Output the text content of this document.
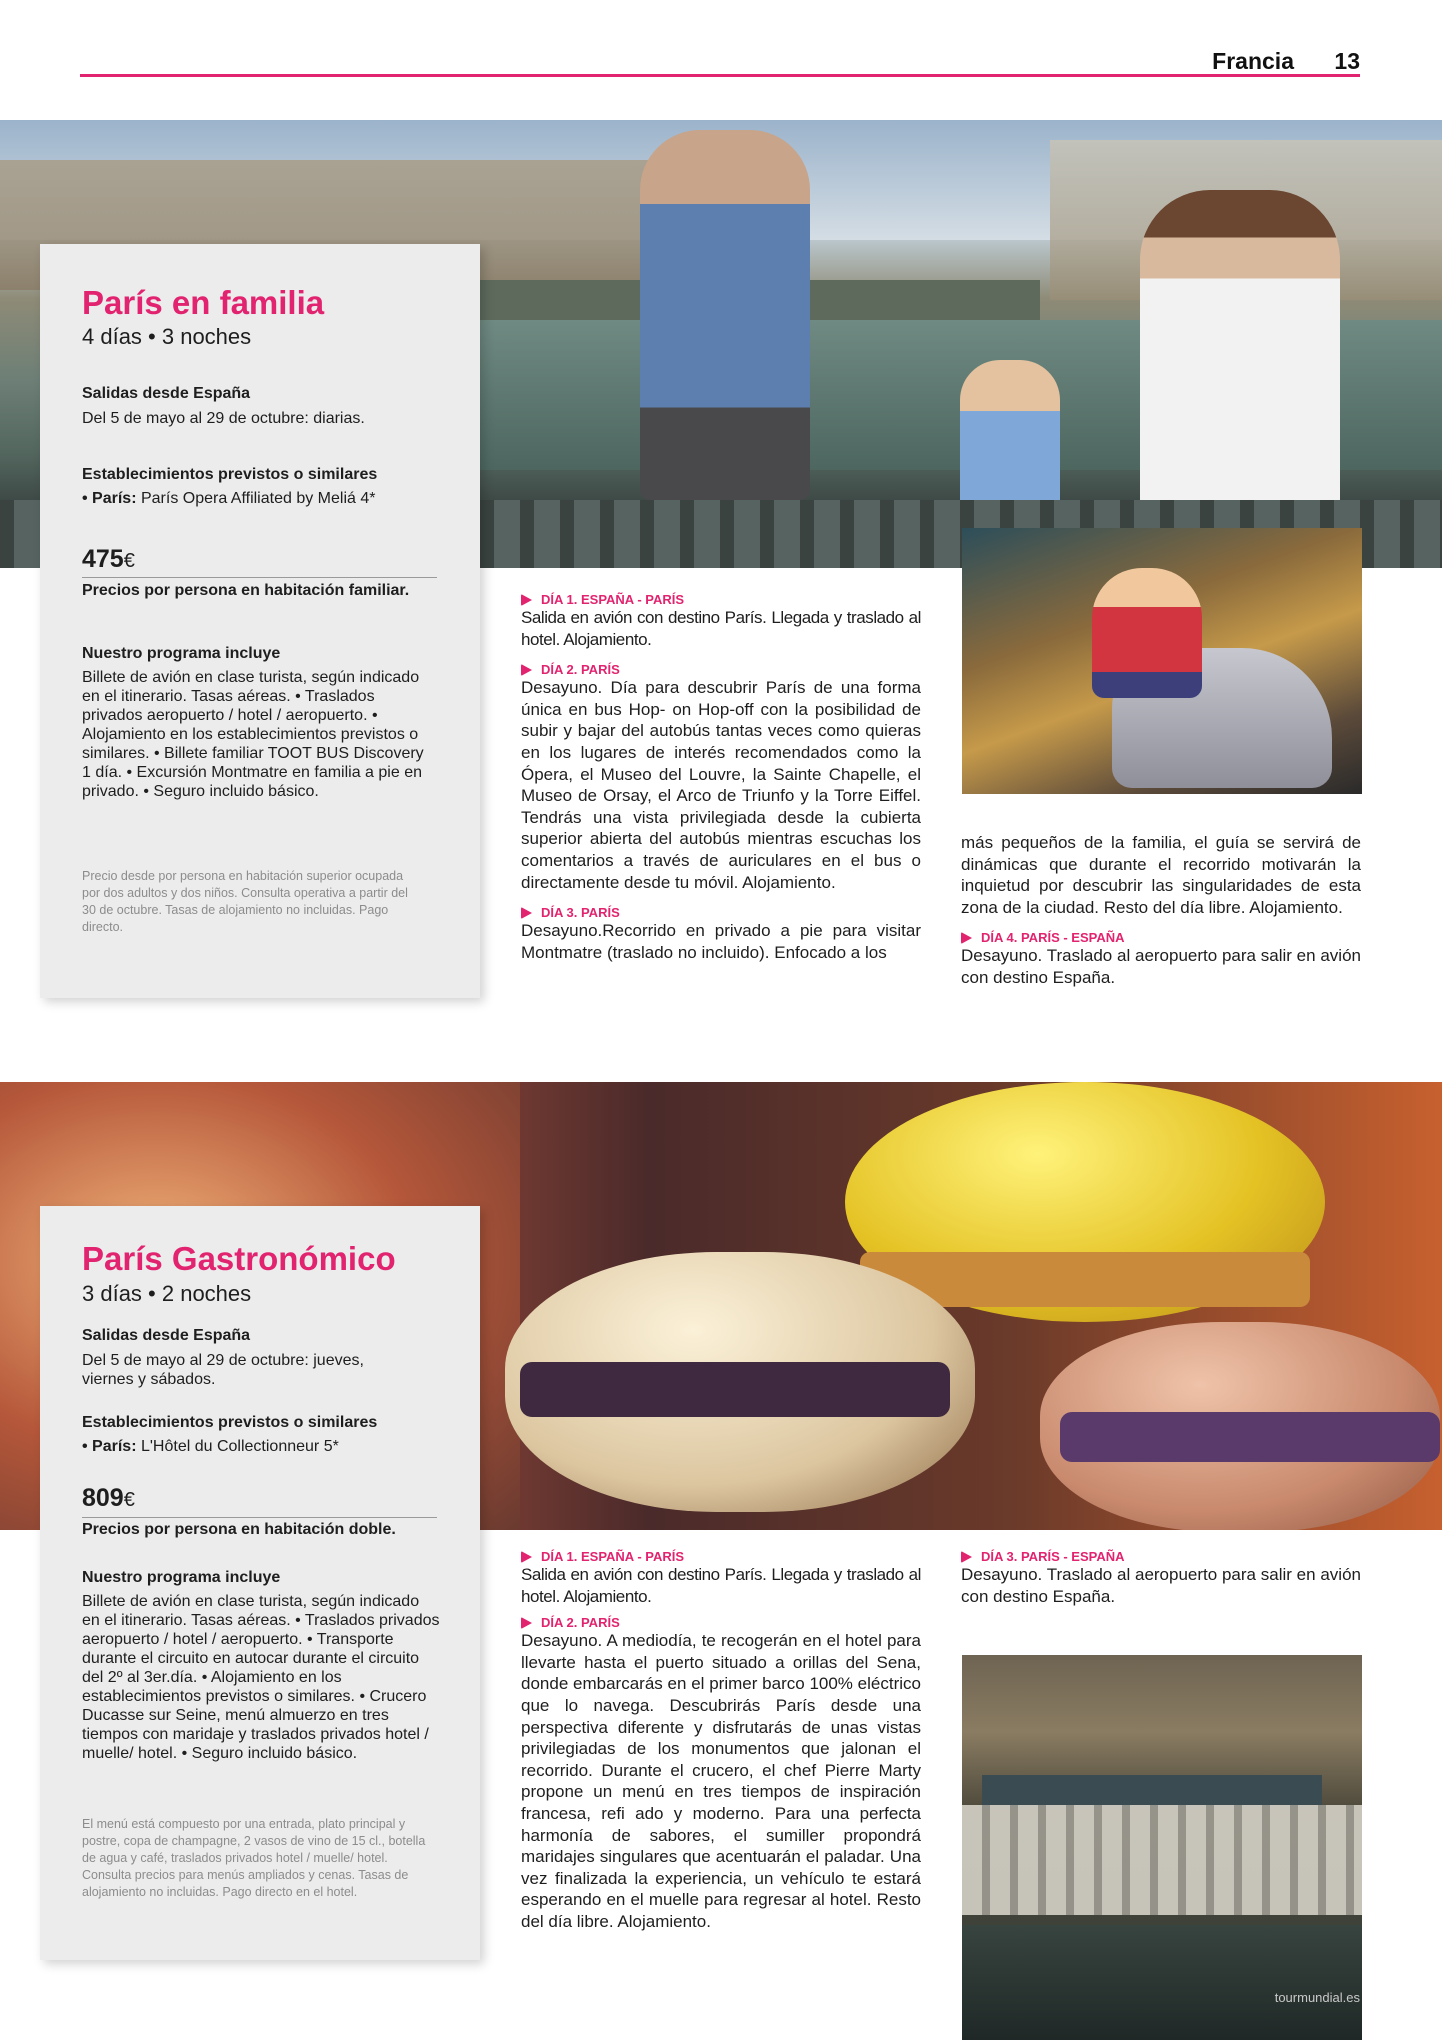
Francia 13
París en familia
4 días • 3 noches
Salidas desde España
Del 5 de mayo al 29 de octubre: diarias.
Establecimientos previstos o similares
• París: París Opera Affiliated by Meliá 4*
475€
Precios por persona en habitación familiar.
Nuestro programa incluye
Billete de avión en clase turista, según indicado en el itinerario. Tasas aéreas. • Traslados privados aeropuerto / hotel / aeropuerto. • Alojamiento en los establecimientos previstos o similares. • Billete familiar TOOT BUS Discovery 1 día. • Excursión Montmatre en familia a pie en privado. • Seguro incluido básico.
Precio desde por persona en habitación superior ocupada por dos adultos y dos niños. Consulta operativa a partir del 30 de octubre. Tasas de alojamiento no incluidas. Pago directo.
DÍA 1. ESPAÑA - PARÍS
Salida en avión con destino París. Llegada y traslado al hotel. Alojamiento.
DÍA 2. PARÍS
Desayuno. Día para descubrir París de una forma única en bus Hop- on Hop-off con la posibilidad de subir y bajar del autobús tantas veces como quieras en los lugares de interés recomendados como la Ópera, el Museo del Louvre, la Sainte Chapelle, el Museo de Orsay, el Arco de Triunfo y la Torre Eiffel. Tendrás una vista privilegiada desde la cubierta superior abierta del autobús mientras escuchas los comentarios a través de auriculares en el bus o directamente desde tu móvil. Alojamiento.
DÍA 3. PARÍS
Desayuno.Recorrido en privado a pie para visitar Montmatre (traslado no incluido). Enfocado a los
más pequeños de la familia, el guía se servirá de dinámicas que durante el recorrido motivarán la inquietud por descubrir las singularidades de esta zona de la ciudad. Resto del día libre. Alojamiento.
DÍA 4. PARÍS - ESPAÑA
Desayuno. Traslado al aeropuerto para salir en avión con destino España.
tourmundial.es
París Gastronómico
3 días • 2 noches
Salidas desde España
Del 5 de mayo al 29 de octubre: jueves, viernes y sábados.
Establecimientos previstos o similares
• París: L'Hôtel du Collectionneur 5*
809€
Precios por persona en habitación doble.
Nuestro programa incluye
Billete de avión en clase turista, según indicado en el itinerario. Tasas aéreas. • Traslados privados aeropuerto / hotel / aeropuerto. • Transporte durante el circuito en autocar durante el circuito del 2º al 3er.día. • Alojamiento en los establecimientos previstos o similares. • Crucero Ducasse sur Seine, menú almuerzo en tres tiempos con maridaje y traslados privados hotel / muelle/ hotel. • Seguro incluido básico.
El menú está compuesto por una entrada, plato principal y postre, copa de champagne, 2 vasos de vino de 15 cl., botella de agua y café, traslados privados hotel / muelle/ hotel. Consulta precios para menús ampliados y cenas. Tasas de alojamiento no incluidas. Pago directo en el hotel.
DÍA 1. ESPAÑA - PARÍS
Salida en avión con destino París. Llegada y traslado al hotel. Alojamiento.
DÍA 2. PARÍS
Desayuno. A mediodía, te recogerán en el hotel para llevarte hasta el puerto situado a orillas del Sena, donde embarcarás en el primer barco 100% eléctrico que lo navega. Descubrirás París desde una perspectiva diferente y disfrutarás de unas vistas privilegiadas de los monumentos que jalonan el recorrido. Durante el crucero, el chef Pierre Marty propone un menú en tres tiempos de inspiración francesa, refi ado y moderno. Para una perfecta harmonía de sabores, el sumiller propondrá maridajes singulares que acentuarán el paladar. Una vez finalizada la experiencia, un vehículo te estará esperando en el muelle para regresar al hotel. Resto del día libre. Alojamiento.
DÍA 3. PARÍS - ESPAÑA
Desayuno. Traslado al aeropuerto para salir en avión con destino España.
